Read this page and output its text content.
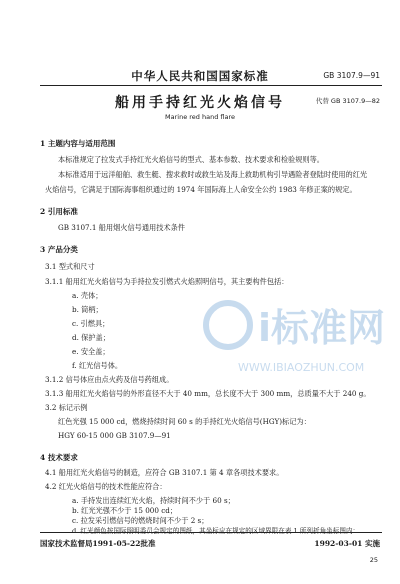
中华人民共和国国家标准	GB 3107.9—91
船用手持红光火焰信号	代替 GB 3107.9—82
Marine red hand flare
1 主题内容与适用范围
本标准规定了拉发式手持红光火焰信号的型式、基本参数、技术要求和检验规则等。
本标准适用于远洋船舶、救生艇、搜求救时或救生站及海上救助机构引导遇险者登陆时使用的红光
火焰信号，它满足于国际海事组织通过的 1974 年国际海上人命安全公约 1983 年修正案的规定。
2 引用标准
GB 3107.1 船用烟火信号通用技术条件
3 产品分类
3.1 型式和尺寸
3.1.1 船用红光火焰信号为手持拉发引燃式火焰照明信号，其主要构件包括：
a. 壳体；
b. 筒柄；
c. 引燃具；
d. 保护盖；
e. 安全盖；
f. 红光信号体。
3.1.2 信号体应由点火药及信号药组成。
3.1.3 船用红光火焰信号的外形直径不大于 40 mm，总长度不大于 300 mm，总质量不大于 240 g。
3.2 标记示例
红色光强 15 000 cd，燃烧持续时间 60 s 的手持红光火焰信号(HGY)标记为：
HGY 60-15 000 GB 3107.9—91
4 技术要求
4.1 船用红光火焰信号的制造，应符合 GB 3107.1 第 4 章各项技术要求。
4.2 红光火焰信号的技术性能应符合：
a. 手持发出连续红光火焰，持续时间不少于 60 s；
b. 红光光强不少于 15 000 cd；
c. 拉发采引燃信号的燃烧时间不少于 2 s；
d. 红光颜色按国际照明委员会规定的图纸，其坐标应在规定的区域界限在表 1 所列折角坐标图内：
国家技术监督局1991-05-22批准	1992-03-01 实施
25
i标准网
WWW.IBIAOZHUN.COM
